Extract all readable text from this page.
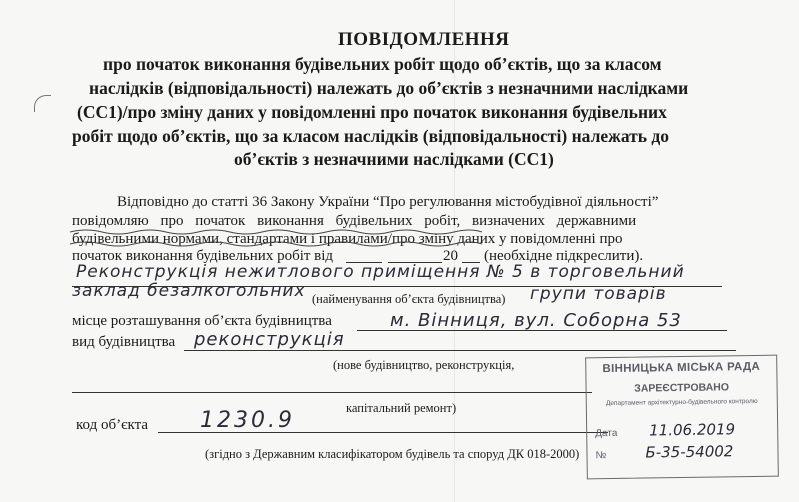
ПОВІДОМЛЕННЯ
про початок виконання будівельних робіт щодо об’єктів, що за класом
наслідків (відповідальності) належать до об’єктів з незначними наслідками
(СС1)/про зміну даних у повідомленні про початок виконання будівельних
робіт щодо об’єктів, що за класом наслідків (відповідальності) належать до
об’єктів з незначними наслідками (СС1)
Відповідно до статті 36 Закону України “Про регулювання містобудівної діяльності”
повідомляю про початок виконання будівельних робіт, визначених державними
будівельними нормами, стандартами і правилами/про зміну даних у повідомленні про
початок виконання будівельних робіт від	20 (необхідне підкреслити).
Реконструкція нежитлового приміщення № 5 в торговельний
заклад безалкогольних (найменування об’єкта будівництва) групи товарів
місце розташування об’єкта будівництва	м. Вінниця, вул. Соборна 53
вид будівництва реконструкція
(нове будівництво, реконструкція,
капітальний ремонт)
код об’єкта 1230.9
(згідно з Державним класифікатором будівель та споруд ДК 018-2000)
ВІННИЦЬКА МІСЬКА РАДА
ЗАРЕЄСТРОВАНО
Департамент архітектурно-будівельного контролю
Дата 11.06.2019
№	Б-35-54002
